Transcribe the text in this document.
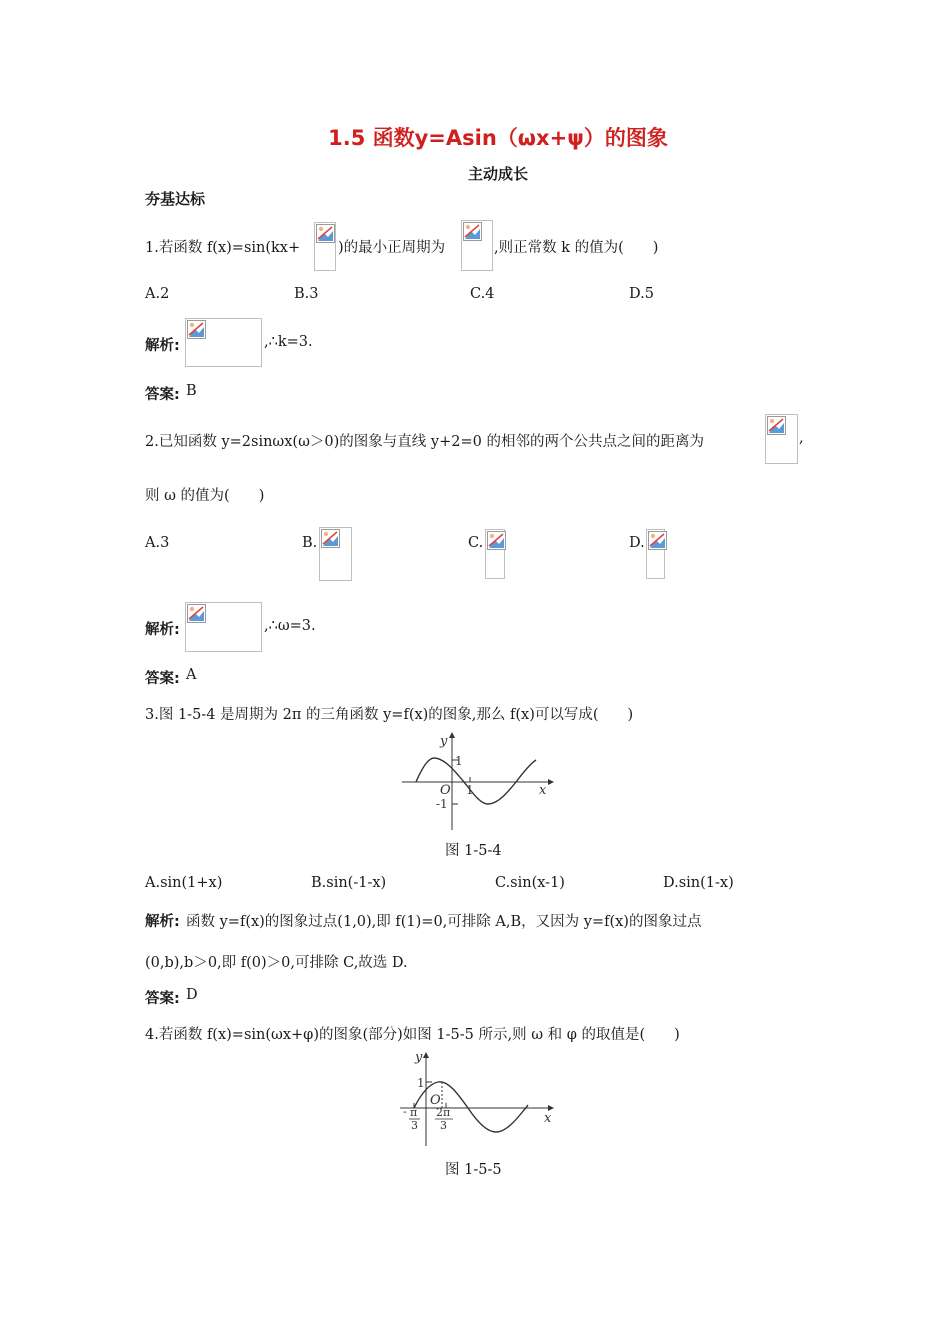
1.5 函数y=Asin（ωx+ψ）的图象
主动成长
夯基达标
1.若函数 f(x)=sin(kx+	)的最小正周期为	,则正常数 k 的值为(　　)
A.2	B.3	C.4	D.5
解析:	,∴k=3.
答案: B
2.已知函数 y=2sinωx(ω＞0)的图象与直线 y+2=0 的相邻的两个公共点之间的距离为	,
则 ω 的值为(　　)
A.3	B.	C.	D.
解析:	,∴ω=3.
答案: A
3.图 1-5-4 是周期为 2π 的三角函数 y=f(x)的图象,那么 f(x)可以写成(　　)
y
x
1
O
-1
1
图 1-5-4
A.sin(1+x)	B.sin(-1-x)	C.sin(x-1)	D.sin(1-x)
解析: 函数 y=f(x)的图象过点(1,0),即 f(1)=0,可排除 A,B，又因为 y=f(x)的图象过点
(0,b),b＞0,即 f(0)＞0,可排除 C,故选 D.
答案: D
4.若函数 f(x)=sin(ωx+φ)的图象(部分)如图 1-5-5 所示,则 ω 和 φ 的取值是(　　)
y
x
1
O
- π
3
2π
3
图 1-5-5
